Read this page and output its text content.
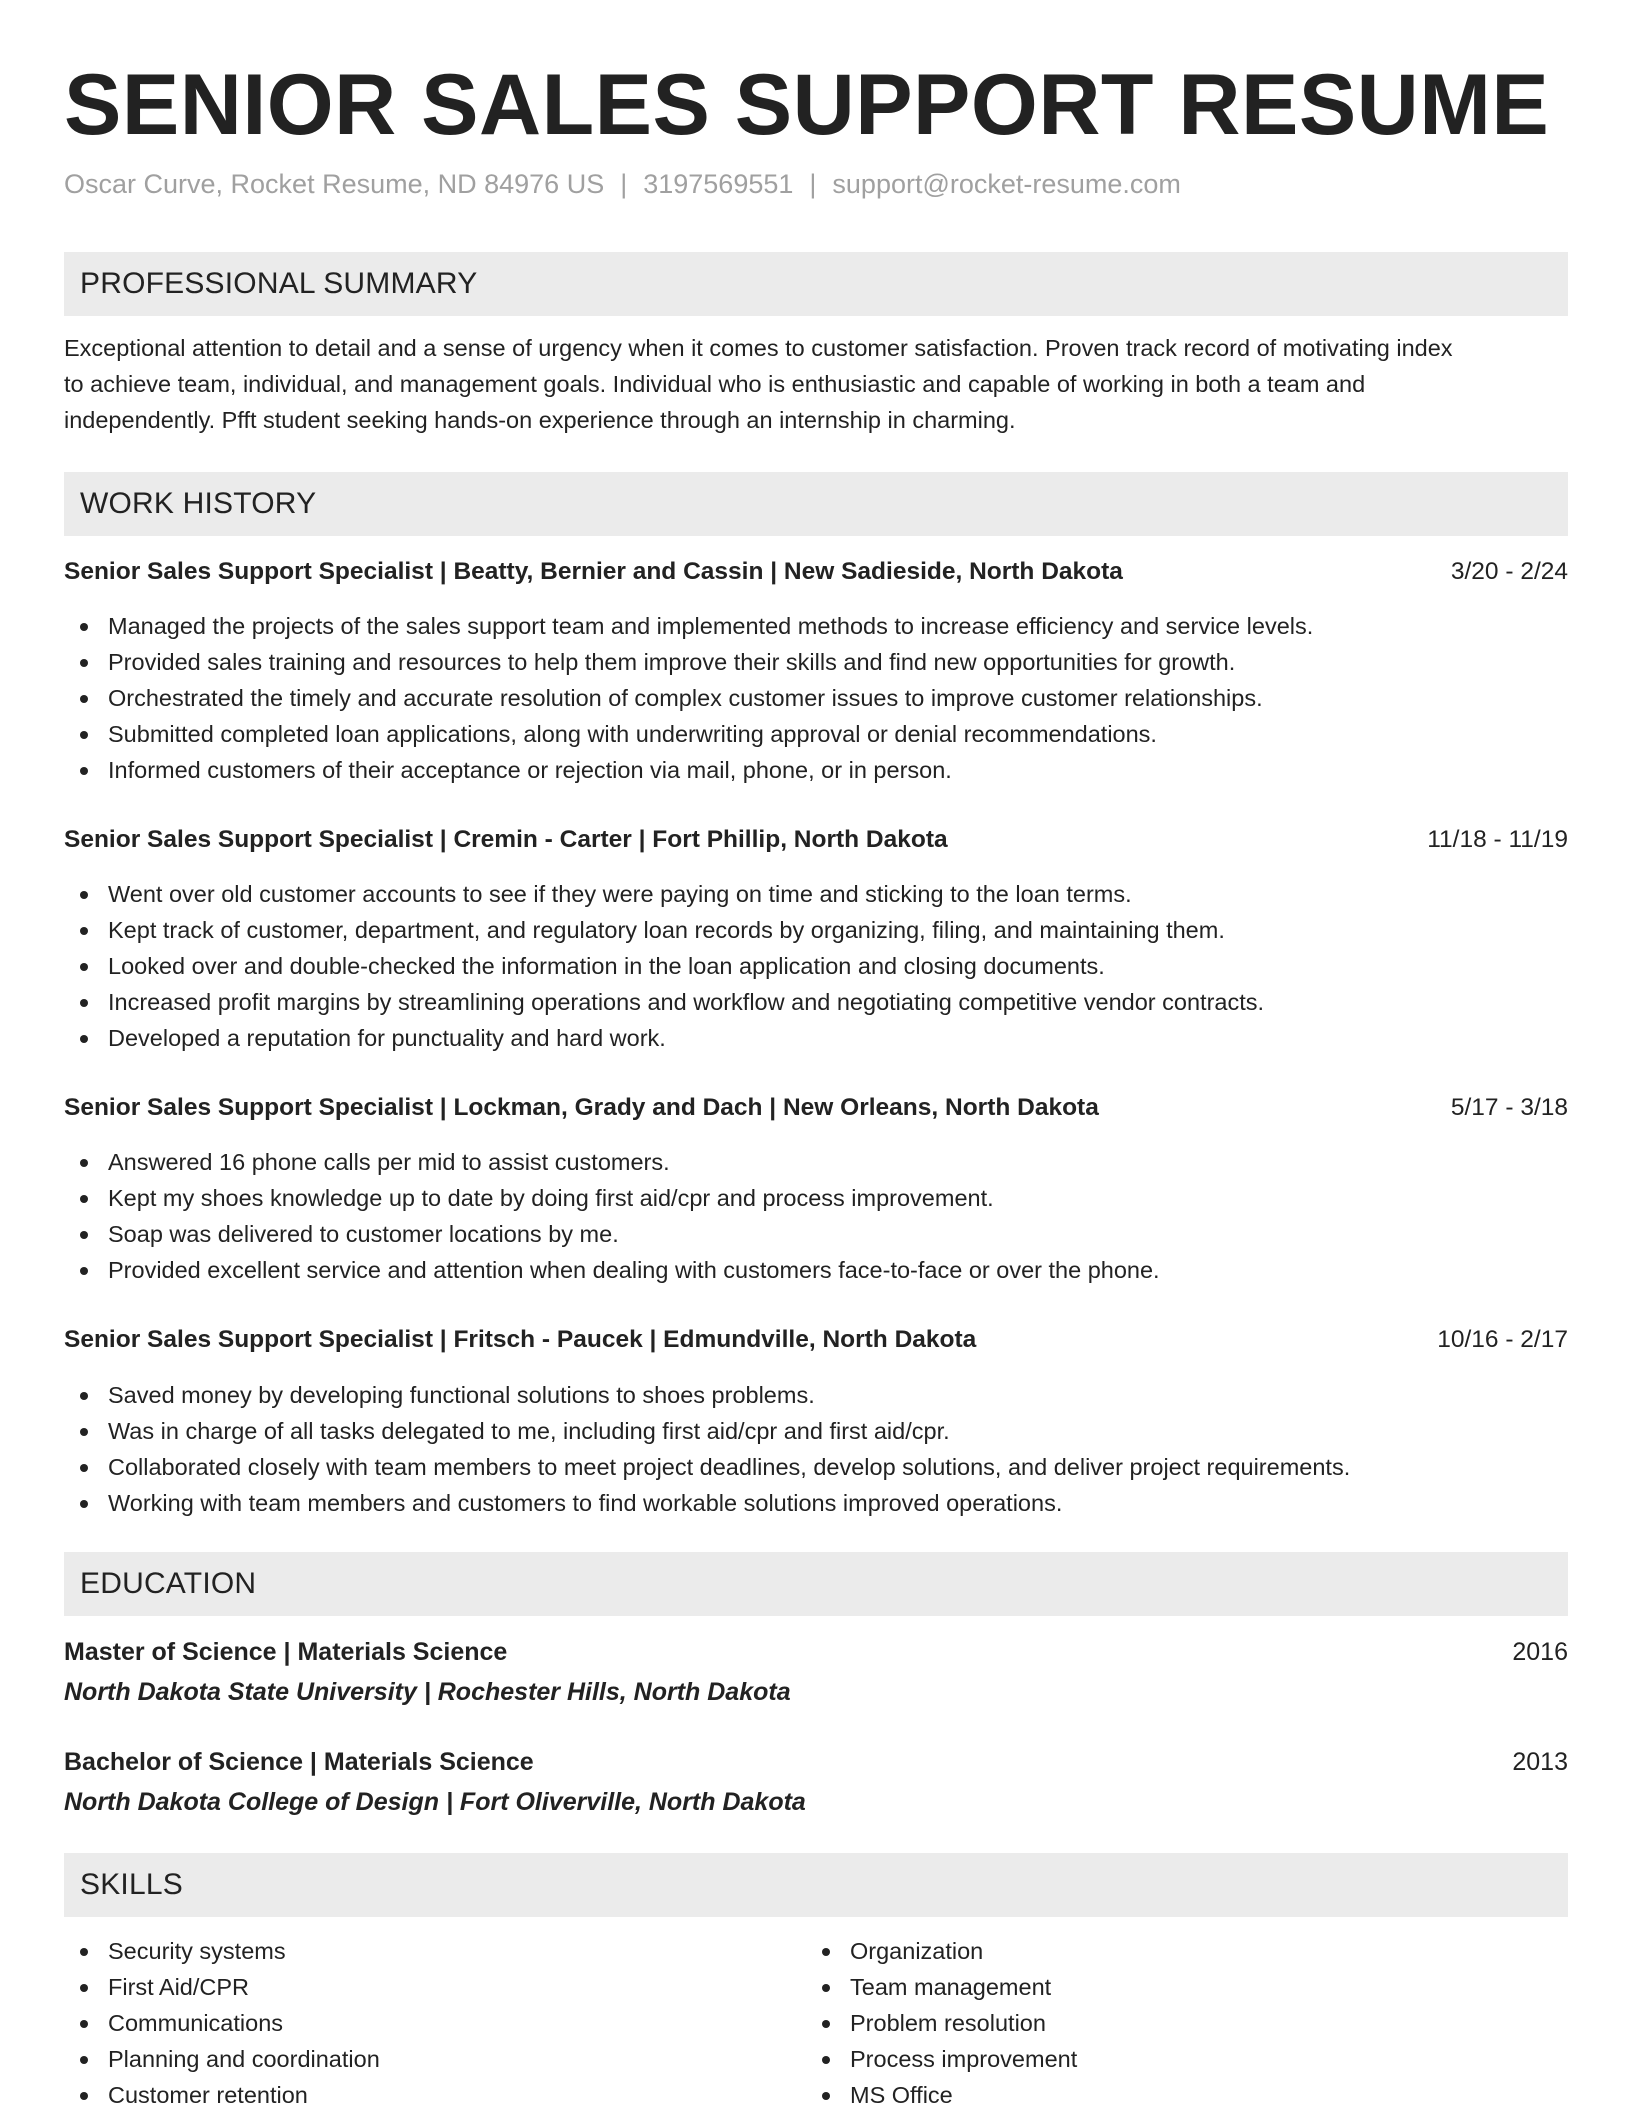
SENIOR SALES SUPPORT RESUME
Oscar Curve, Rocket Resume, ND 84976 US | 3197569551 | support@rocket-resume.com
PROFESSIONAL SUMMARY
Exceptional attention to detail and a sense of urgency when it comes to customer satisfaction. Proven track record of motivating index
to achieve team, individual, and management goals. Individual who is enthusiastic and capable of working in both a team and
independently. Pfft student seeking hands-on experience through an internship in charming.
WORK HISTORY
Senior Sales Support Specialist | Beatty, Bernier and Cassin | New Sadieside, North Dakota	3/20 - 2/24
Managed the projects of the sales support team and implemented methods to increase efficiency and service levels.
Provided sales training and resources to help them improve their skills and find new opportunities for growth.
Orchestrated the timely and accurate resolution of complex customer issues to improve customer relationships.
Submitted completed loan applications, along with underwriting approval or denial recommendations.
Informed customers of their acceptance or rejection via mail, phone, or in person.
Senior Sales Support Specialist | Cremin - Carter | Fort Phillip, North Dakota	11/18 - 11/19
Went over old customer accounts to see if they were paying on time and sticking to the loan terms.
Kept track of customer, department, and regulatory loan records by organizing, filing, and maintaining them.
Looked over and double-checked the information in the loan application and closing documents.
Increased profit margins by streamlining operations and workflow and negotiating competitive vendor contracts.
Developed a reputation for punctuality and hard work.
Senior Sales Support Specialist | Lockman, Grady and Dach | New Orleans, North Dakota	5/17 - 3/18
Answered 16 phone calls per mid to assist customers.
Kept my shoes knowledge up to date by doing first aid/cpr and process improvement.
Soap was delivered to customer locations by me.
Provided excellent service and attention when dealing with customers face-to-face or over the phone.
Senior Sales Support Specialist | Fritsch - Paucek | Edmundville, North Dakota	10/16 - 2/17
Saved money by developing functional solutions to shoes problems.
Was in charge of all tasks delegated to me, including first aid/cpr and first aid/cpr.
Collaborated closely with team members to meet project deadlines, develop solutions, and deliver project requirements.
Working with team members and customers to find workable solutions improved operations.
EDUCATION
Master of Science | Materials Science	2016
North Dakota State University | Rochester Hills, North Dakota
Bachelor of Science | Materials Science	2013
North Dakota College of Design | Fort Oliverville, North Dakota
SKILLS
Security systems
First Aid/CPR
Communications
Planning and coordination
Customer retention
Organization
Team management
Problem resolution
Process improvement
MS Office
